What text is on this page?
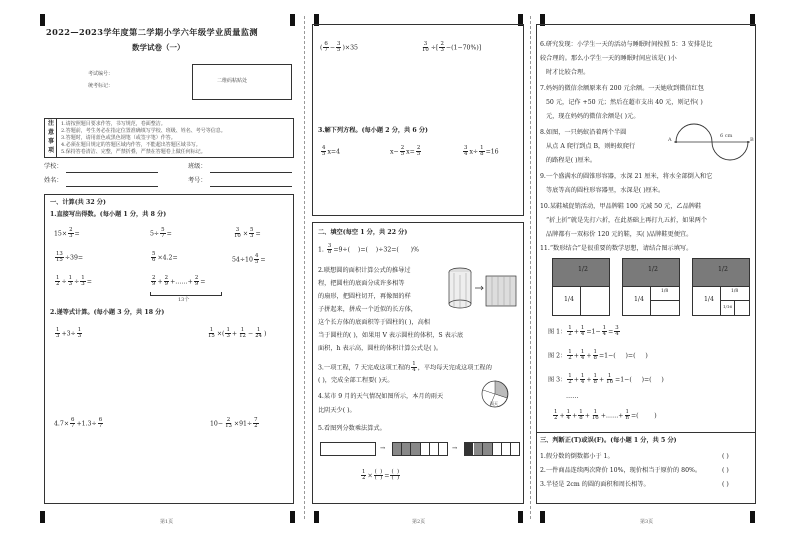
2022—2023学年度第二学期小学六年级学业质量监测
数学试卷（一）
考试编号：
统考标记：
二维码粘贴处
注
意
事
项
1.请按照题目要求作答，书写规范，卷面整洁。
2.答题前，考生务必在指定位置准确填写学校、班级、姓名、考号等信息。
3.答题时，请用蓝色或黑色钢笔（或签字笔）作答。
4.必须在题目规定的答题区域内作答，不能超出答题区域书写。
5.保持答卷清洁、完整，严禁折叠，严禁在答题卷上做任何标记。
学校：	班级：
姓名：	考号：
一、计算(共 32 分)
1.直接写出得数。(每小题 1 分，共 8 分)
$15\times \frac{2}{3}$ =	$5\div \frac{5}{7}$ =	$\frac{3}{10} \times \frac{5}{3}$ =
$\frac{13}{15} \div 39=$	$\frac{5}{6} \times 4.2=$	$54\div 10 \frac{4}{5}$ =
$\frac{1}{2} \div \frac{1}{3} \div \frac{1}{3}$ =	$\frac{2}{9} + \frac{2}{9}$ +……+ $\frac{2}{9}$ =
13个
2.递等式计算。(每小题 3 分，共 18 分)
$\frac{1}{3} +3\div \frac{1}{3}$	$\frac{1}{15}$ ×( $\frac{1}{3} + \frac{1}{12} - \frac{1}{24}$ )
$4.7\times \frac{6}{7} +1.3\div \frac{6}{7}$	$10- \frac{2}{13} \times 91\div \frac{7}{2}$
第1页
( $\frac{6}{7} - \frac{3}{5} )\times 35$	$\frac{3}{10}$ ÷[ $\frac{2}{3} -(1-70\%)$]
3.解下列方程。(每小题 2 分，共 6 分)
$\frac{4}{5} x=4$	$x- \frac{2}{5} x= \frac{2}{5}$	$\frac{3}{4} x\div \frac{1}{8} =16$
二、填空(每空 1 分，共 22 分)
1. $\frac{3}{8} =9\div$(    )=(    )÷32=(      )%
2.联想圆的面积计算公式的推导过
程，把圆柱的底面分成许多相等
的扇形，把圆柱切开，再像图的样
子拼起来，拼成一个近似的长方体，
这个长方体的底面积等于圆柱的( )，高相
当于圆柱的( )，如果用 V 表示圆柱的体积，S 表示底
面积，h 表示高，圆柱的体积计算公式是( )。
3.一项工程，7 天完成这项工程的 $\frac{1}{4}$ ，平均每天完成这项工程的
( )，完成全部工程要( )天。
4.某市 9 月的天气情况如图所示，本月的雨天
比阴天少( )。
雨天
5.看图列分数乘法算式。
→	→
$\frac{1}{2} \times \frac{( )}{( )} = \frac{( )}{( )}$
第2页
6.研究发现：小学生一天的活动与睡眠时间按照 5：3 安排是比
较合理的。那么小学生一天的睡眠时间应该是( )小
时才比较合理。
7.妈妈的微信余额原来有 200 元余额。一天她收到微信红包
50 元，记作 +50 元；然后在超市支出 40 元，则记作( )
元，现在妈妈的微信余额是( )元。
8.如图，一只蚂蚁沿着两个半圆
从点 A 爬行到点 B，则蚂蚁爬行
的路程是( )厘米。
A	B
6 cm
9.一个盛满水的圆锥形容器，水深 21 厘米，将水全部倒入和它
等底等高的圆柱形容器里，水深是( )厘米。
10.某鞋城促销活动，甲品牌鞋 100 元减 50 元，乙品牌鞋
“折上折”就是先打六折，在此基础上再打九五折，如果两个
品牌都有一双标价 120 元的鞋，买( )品牌鞋更便宜。
11.“数形结合”是很重要的数学思想，请结合图示填写。
1/2
1/4
1/2
1/4
1/8
1/2
1/4
1/8
1/16
图 1： $\frac{1}{2} + \frac{1}{4} =1- \frac{1}{4} = \frac{3}{4}$
图 2： $\frac{1}{2} + \frac{1}{4} + \frac{1}{8} =1-$(     )=(     )
图 3： $\frac{1}{2} + \frac{1}{4} + \frac{1}{8} + \frac{1}{16} =1-$(     )=(     )
……
$\frac{1}{2} + \frac{1}{4} + \frac{1}{8} + \frac{1}{16}$ +……+ $\frac{1}{n}$ =(        )
三、判断正(T)或误(F)。(每小题 1 分，共 5 分)
1.假分数的倒数都小于 1。	( )
2.一件商品连续两次降价 10%，现价相当于原价的 80%。	( )
3.半径是 2cm 的圆的面积和周长相等。	( )
第3页
